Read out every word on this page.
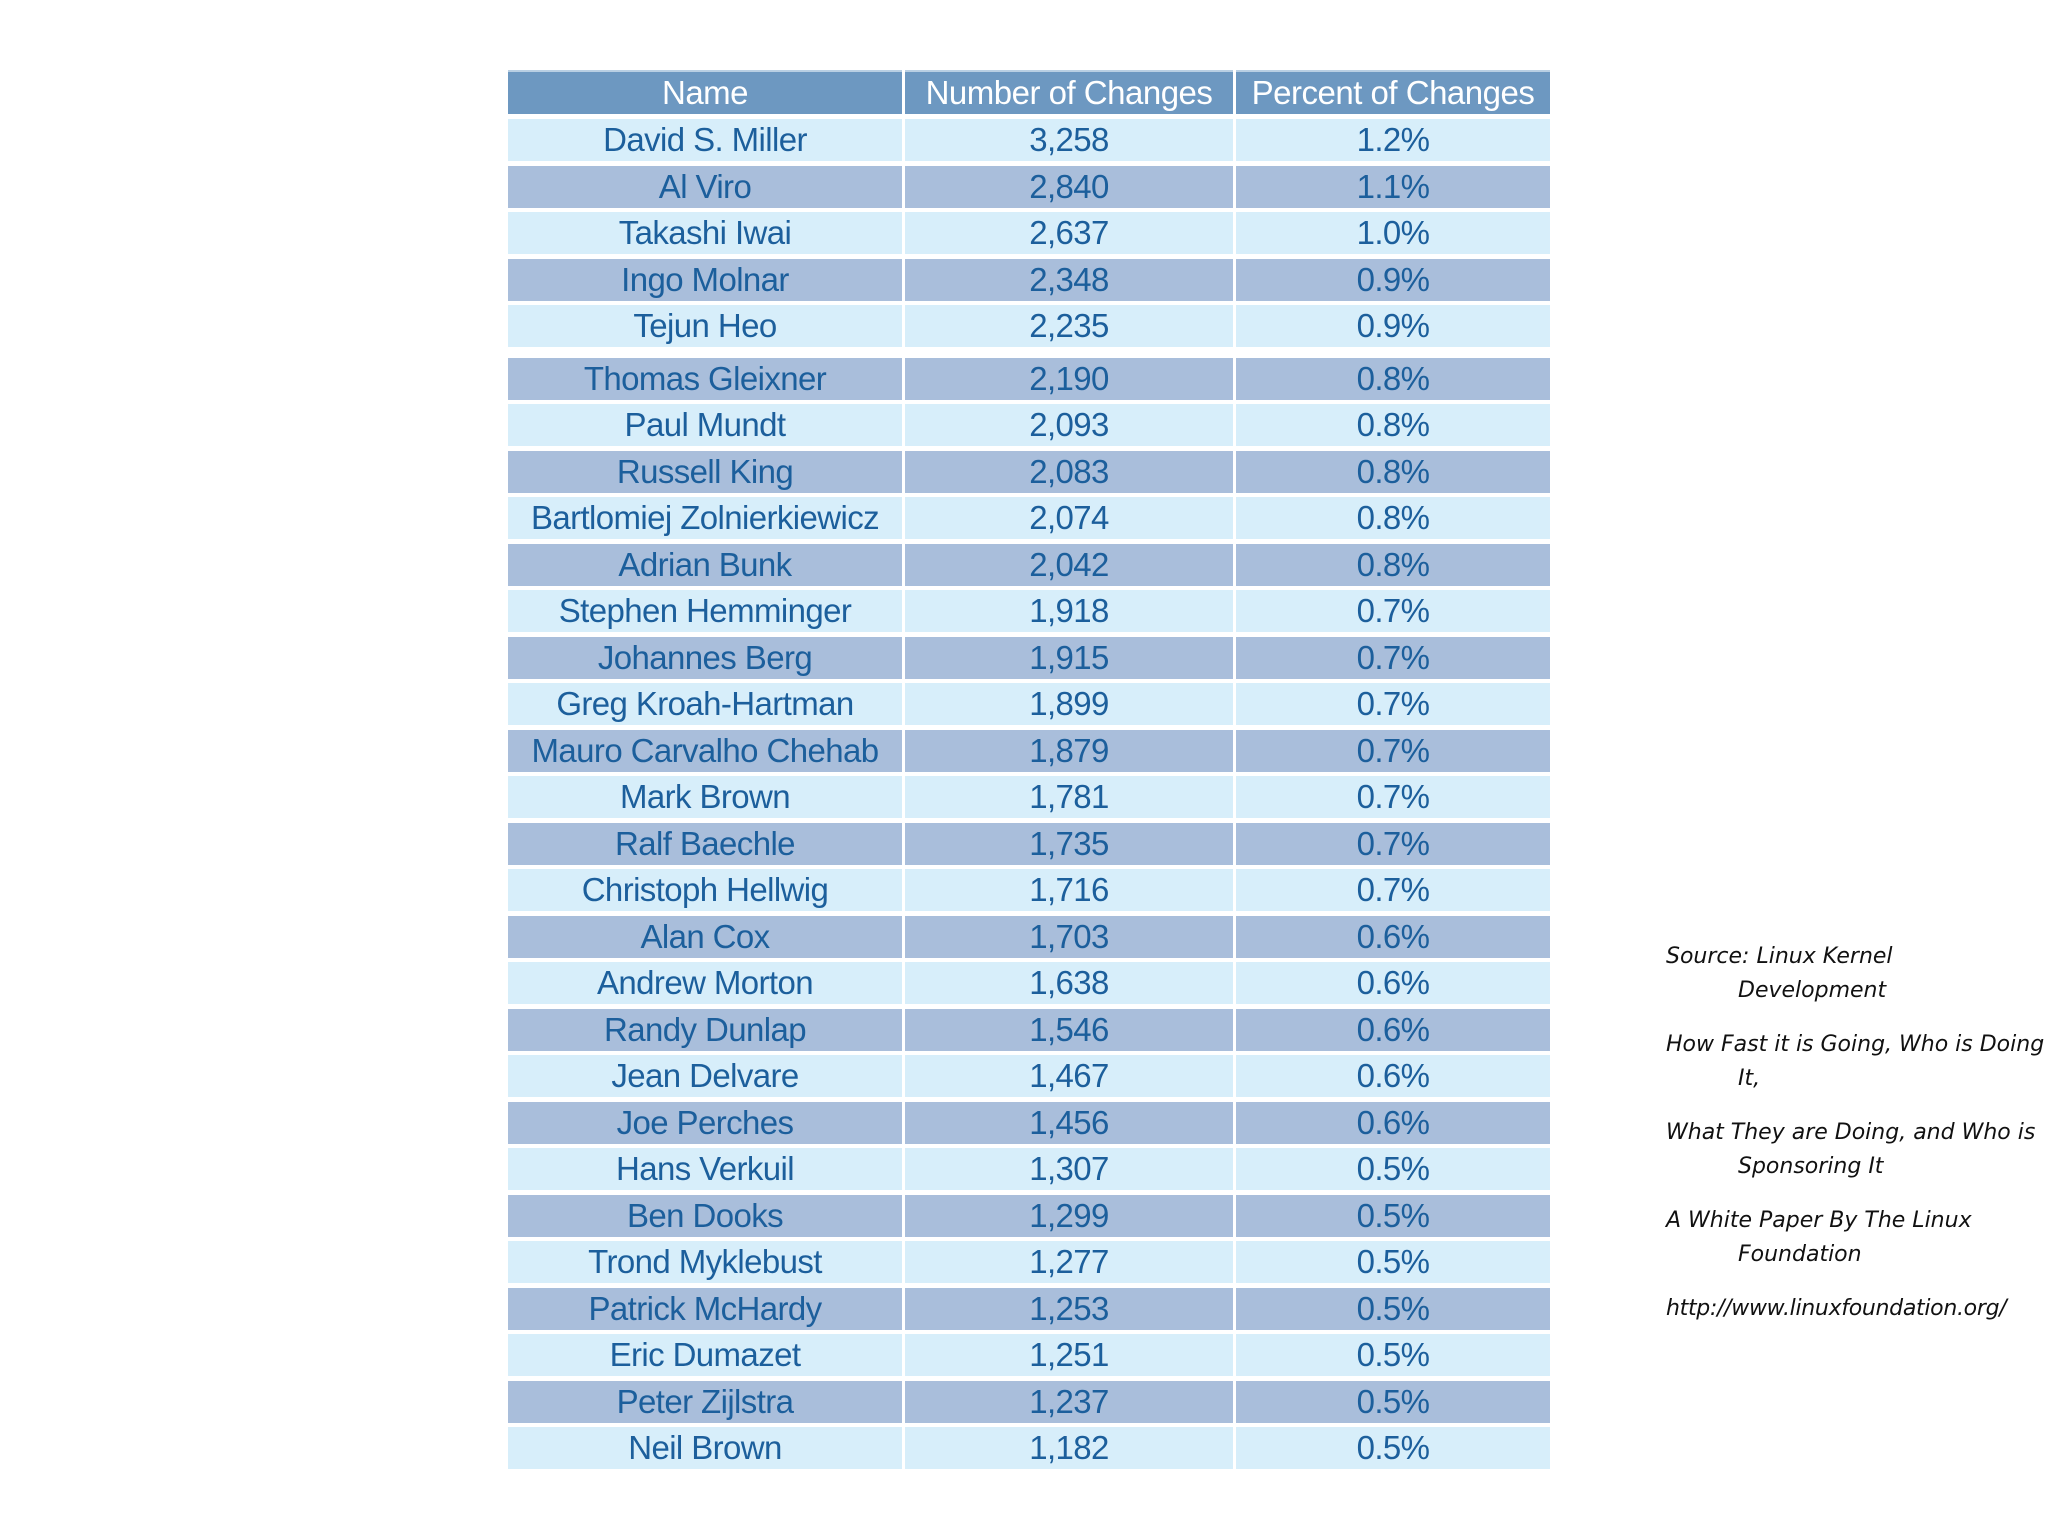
Name	Number of Changes	Percent of Changes
David S. Miller	3,258	1.2%
Al Viro	2,840	1.1%
Takashi Iwai	2,637	1.0%
Ingo Molnar	2,348	0.9%
Tejun Heo	2,235	0.9%
Thomas Gleixner	2,190	0.8%
Paul Mundt	2,093	0.8%
Russell King	2,083	0.8%
Bartlomiej Zolnierkiewicz	2,074	0.8%
Adrian Bunk	2,042	0.8%
Stephen Hemminger	1,918	0.7%
Johannes Berg	1,915	0.7%
Greg Kroah-Hartman	1,899	0.7%
Mauro Carvalho Chehab	1,879	0.7%
Mark Brown	1,781	0.7%
Ralf Baechle	1,735	0.7%
Christoph Hellwig	1,716	0.7%
Alan Cox	1,703	0.6%
Andrew Morton	1,638	0.6%
Randy Dunlap	1,546	0.6%
Jean Delvare	1,467	0.6%
Joe Perches	1,456	0.6%
Hans Verkuil	1,307	0.5%
Ben Dooks	1,299	0.5%
Trond Myklebust	1,277	0.5%
Patrick McHardy	1,253	0.5%
Eric Dumazet	1,251	0.5%
Peter Zijlstra	1,237	0.5%
Neil Brown	1,182	0.5%

Source: Linux Kernel Development

How Fast it is Going, Who is Doing It,

What They are Doing, and Who is Sponsoring It

A White Paper By The Linux Foundation

http://www.linuxfoundation.org/
